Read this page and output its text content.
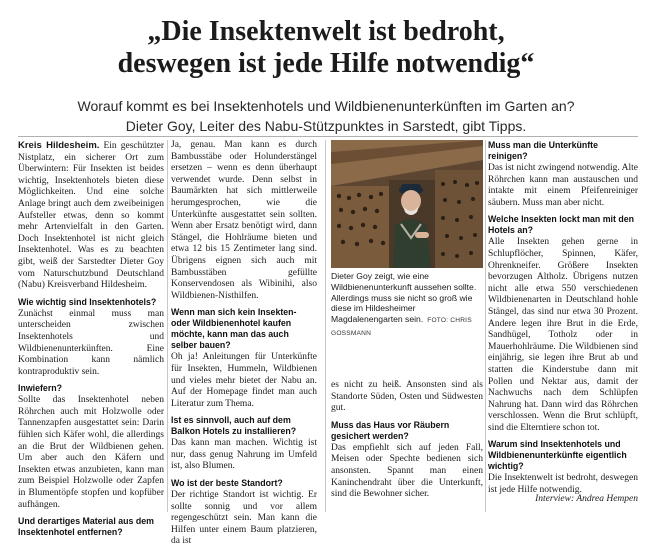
„Die Insektenwelt ist bedroht,
deswegen ist jede Hilfe notwendig“
Worauf kommt es bei Insektenhotels und Wildbienenunterkünften im Garten an?
Dieter Goy, Leiter des Nabu-Stützpunktes in Sarstedt, gibt Tipps.

Kreis Hildesheim. Ein geschützter Nistplatz, ein sicherer Ort zum Überwintern: Für Insekten ist beides wichtig, Insektenhotels bieten diese Möglichkeiten. Und eine solche Anlage bringt auch dem zweibeinigen Aufsteller etwas, denn so kommt mehr Artenvielfalt in den Garten. Doch Insektenhotel ist nicht gleich Insektenhotel. Was es zu beachten gibt, weiß der Sarstedter Dieter Goy vom Naturschutzbund Deutschland (Nabu) Kreisverband Hildesheim.

Wie wichtig sind Insektenhotels?

Zunächst einmal muss man unterscheiden zwischen Insektenhotels und Wildbienenunterkünften. Eine Kombination kann nämlich kontraproduktiv sein.

Inwiefern?

Sollte das Insektenhotel neben Röhrchen auch mit Holzwolle oder Tannenzapfen ausgestattet sein: Darin fühlen sich Käfer wohl, die allerdings an die Brut der Wildbienen gehen. Um aber auch den Käfern und Insekten etwas anzubieten, kann man zum Beispiel Holzwolle oder Zapfen in Blumentöpfe stopfen und kopfüber aufhängen.

Und derartiges Material aus dem Insektenhotel entfernen?

Ja, genau. Man kann es durch Bambusstäbe oder Holunderstängel ersetzen – wenn es denn überhaupt verwendet wurde. Denn selbst in Baumärkten hat sich mittlerweile herumgesprochen, wie die Unterkünfte ausgestattet sein sollten. Wenn aber Ersatz benötigt wird, dann Stängel, die Hohlräume bieten und etwa 12 bis 15 Zentimeter lang sind. Übrigens eignen sich auch mit Bambusstäben gefüllte Konservendosen als Wibinihi, also Wildbienen-Nisthilfen.

Wenn man sich kein Insekten- oder Wildbienenhotel kaufen möchte, kann man das auch selber bauen?

Oh ja! Anleitungen für Unterkünfte für Insekten, Hummeln, Wildbienen und vieles mehr bietet der Nabu an. Auf der Homepage findet man auch Literatur zum Thema.

Ist es sinnvoll, auch auf dem Balkon Hotels zu installieren?

Das kann man machen. Wichtig ist nur, dass genug Nahrung im Umfeld ist, also Blumen.

Wo ist der beste Standort?

Der richtige Standort ist wichtig. Er sollte sonnig und vor allem regengeschützt sein. Man kann die Hilfen unter einem Baum platzieren, da ist

Dieter Goy zeigt, wie eine Wildbienenunterkunft aussehen sollte. Allerdings muss sie nicht so groß wie diese im Hildesheimer Magdalenengarten sein. FOTO: CHRIS GOSSMANN

es nicht zu heiß. Ansonsten sind als Standorte Süden, Osten und Südwesten gut.

Muss das Haus vor Räubern gesichert werden?

Das empfiehlt sich auf jeden Fall, Meisen oder Spechte bedienen sich ansonsten. Spannt man einen Kaninchendraht über die Unterkunft, sind die Bewohner sicher.

Muss man die Unterkünfte reinigen?

Das ist nicht zwingend notwendig. Alte Röhrchen kann man austauschen und intakte mit einem Pfeifenreiniger säubern. Muss man aber nicht.

Welche Insekten lockt man mit den Hotels an?

Alle Insekten gehen gerne in Schlupflöcher, Spinnen, Käfer, Ohrenkneifer. Größere Insekten bevorzugen Altholz. Übrigens nutzen nicht alle etwa 550 verschiedenen Wildbienenarten in Deutschland hohle Stängel, das sind nur etwa 30 Prozent. Andere legen ihre Brut in die Erde, Sandhügel, Totholz oder in Mauerhohlräume. Die Wildbienen sind einjährig, sie legen ihre Brut ab und statten die Kinderstube dann mit Pollen und Nektar aus, damit der Nachwuchs nach dem Schlüpfen Nahrung hat. Dann wird das Röhrchen verschlossen. Wenn die Brut schlüpft, sind die Elterntiere schon tot.

Warum sind Insektenhotels und Wildbienenunterkünfte eigentlich wichtig?

Die Insektenwelt ist bedroht, deswegen ist jede Hilfe notwendig.

Interview: Andrea Hempen
